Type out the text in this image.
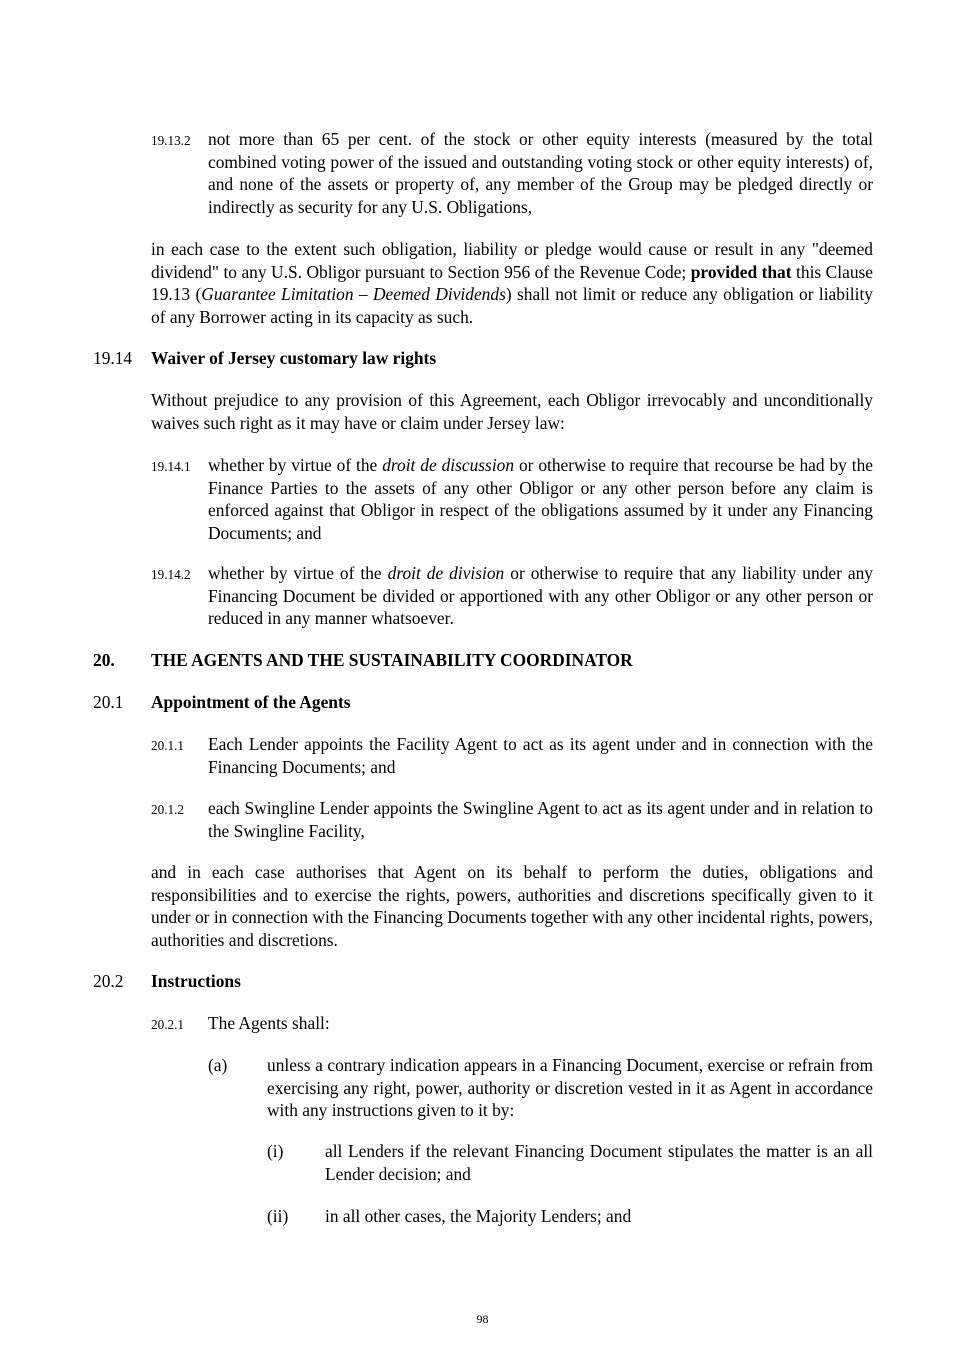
19.13.2 not more than 65 per cent. of the stock or other equity interests (measured by the total combined voting power of the issued and outstanding voting stock or other equity interests) of, and none of the assets or property of, any member of the Group may be pledged directly or indirectly as security for any U.S. Obligations,
in each case to the extent such obligation, liability or pledge would cause or result in any "deemed dividend" to any U.S. Obligor pursuant to Section 956 of the Revenue Code; provided that this Clause 19.13 (Guarantee Limitation – Deemed Dividends) shall not limit or reduce any obligation or liability of any Borrower acting in its capacity as such.
19.14 Waiver of Jersey customary law rights
Without prejudice to any provision of this Agreement, each Obligor irrevocably and unconditionally waives such right as it may have or claim under Jersey law:
19.14.1 whether by virtue of the droit de discussion or otherwise to require that recourse be had by the Finance Parties to the assets of any other Obligor or any other person before any claim is enforced against that Obligor in respect of the obligations assumed by it under any Financing Documents; and
19.14.2 whether by virtue of the droit de division or otherwise to require that any liability under any Financing Document be divided or apportioned with any other Obligor or any other person or reduced in any manner whatsoever.
20. THE AGENTS AND THE SUSTAINABILITY COORDINATOR
20.1 Appointment of the Agents
20.1.1 Each Lender appoints the Facility Agent to act as its agent under and in connection with the Financing Documents; and
20.1.2 each Swingline Lender appoints the Swingline Agent to act as its agent under and in relation to the Swingline Facility,
and in each case authorises that Agent on its behalf to perform the duties, obligations and responsibilities and to exercise the rights, powers, authorities and discretions specifically given to it under or in connection with the Financing Documents together with any other incidental rights, powers, authorities and discretions.
20.2 Instructions
20.2.1 The Agents shall:
(a) unless a contrary indication appears in a Financing Document, exercise or refrain from exercising any right, power, authority or discretion vested in it as Agent in accordance with any instructions given to it by:
(i) all Lenders if the relevant Financing Document stipulates the matter is an all Lender decision; and
(ii) in all other cases, the Majority Lenders; and
98
